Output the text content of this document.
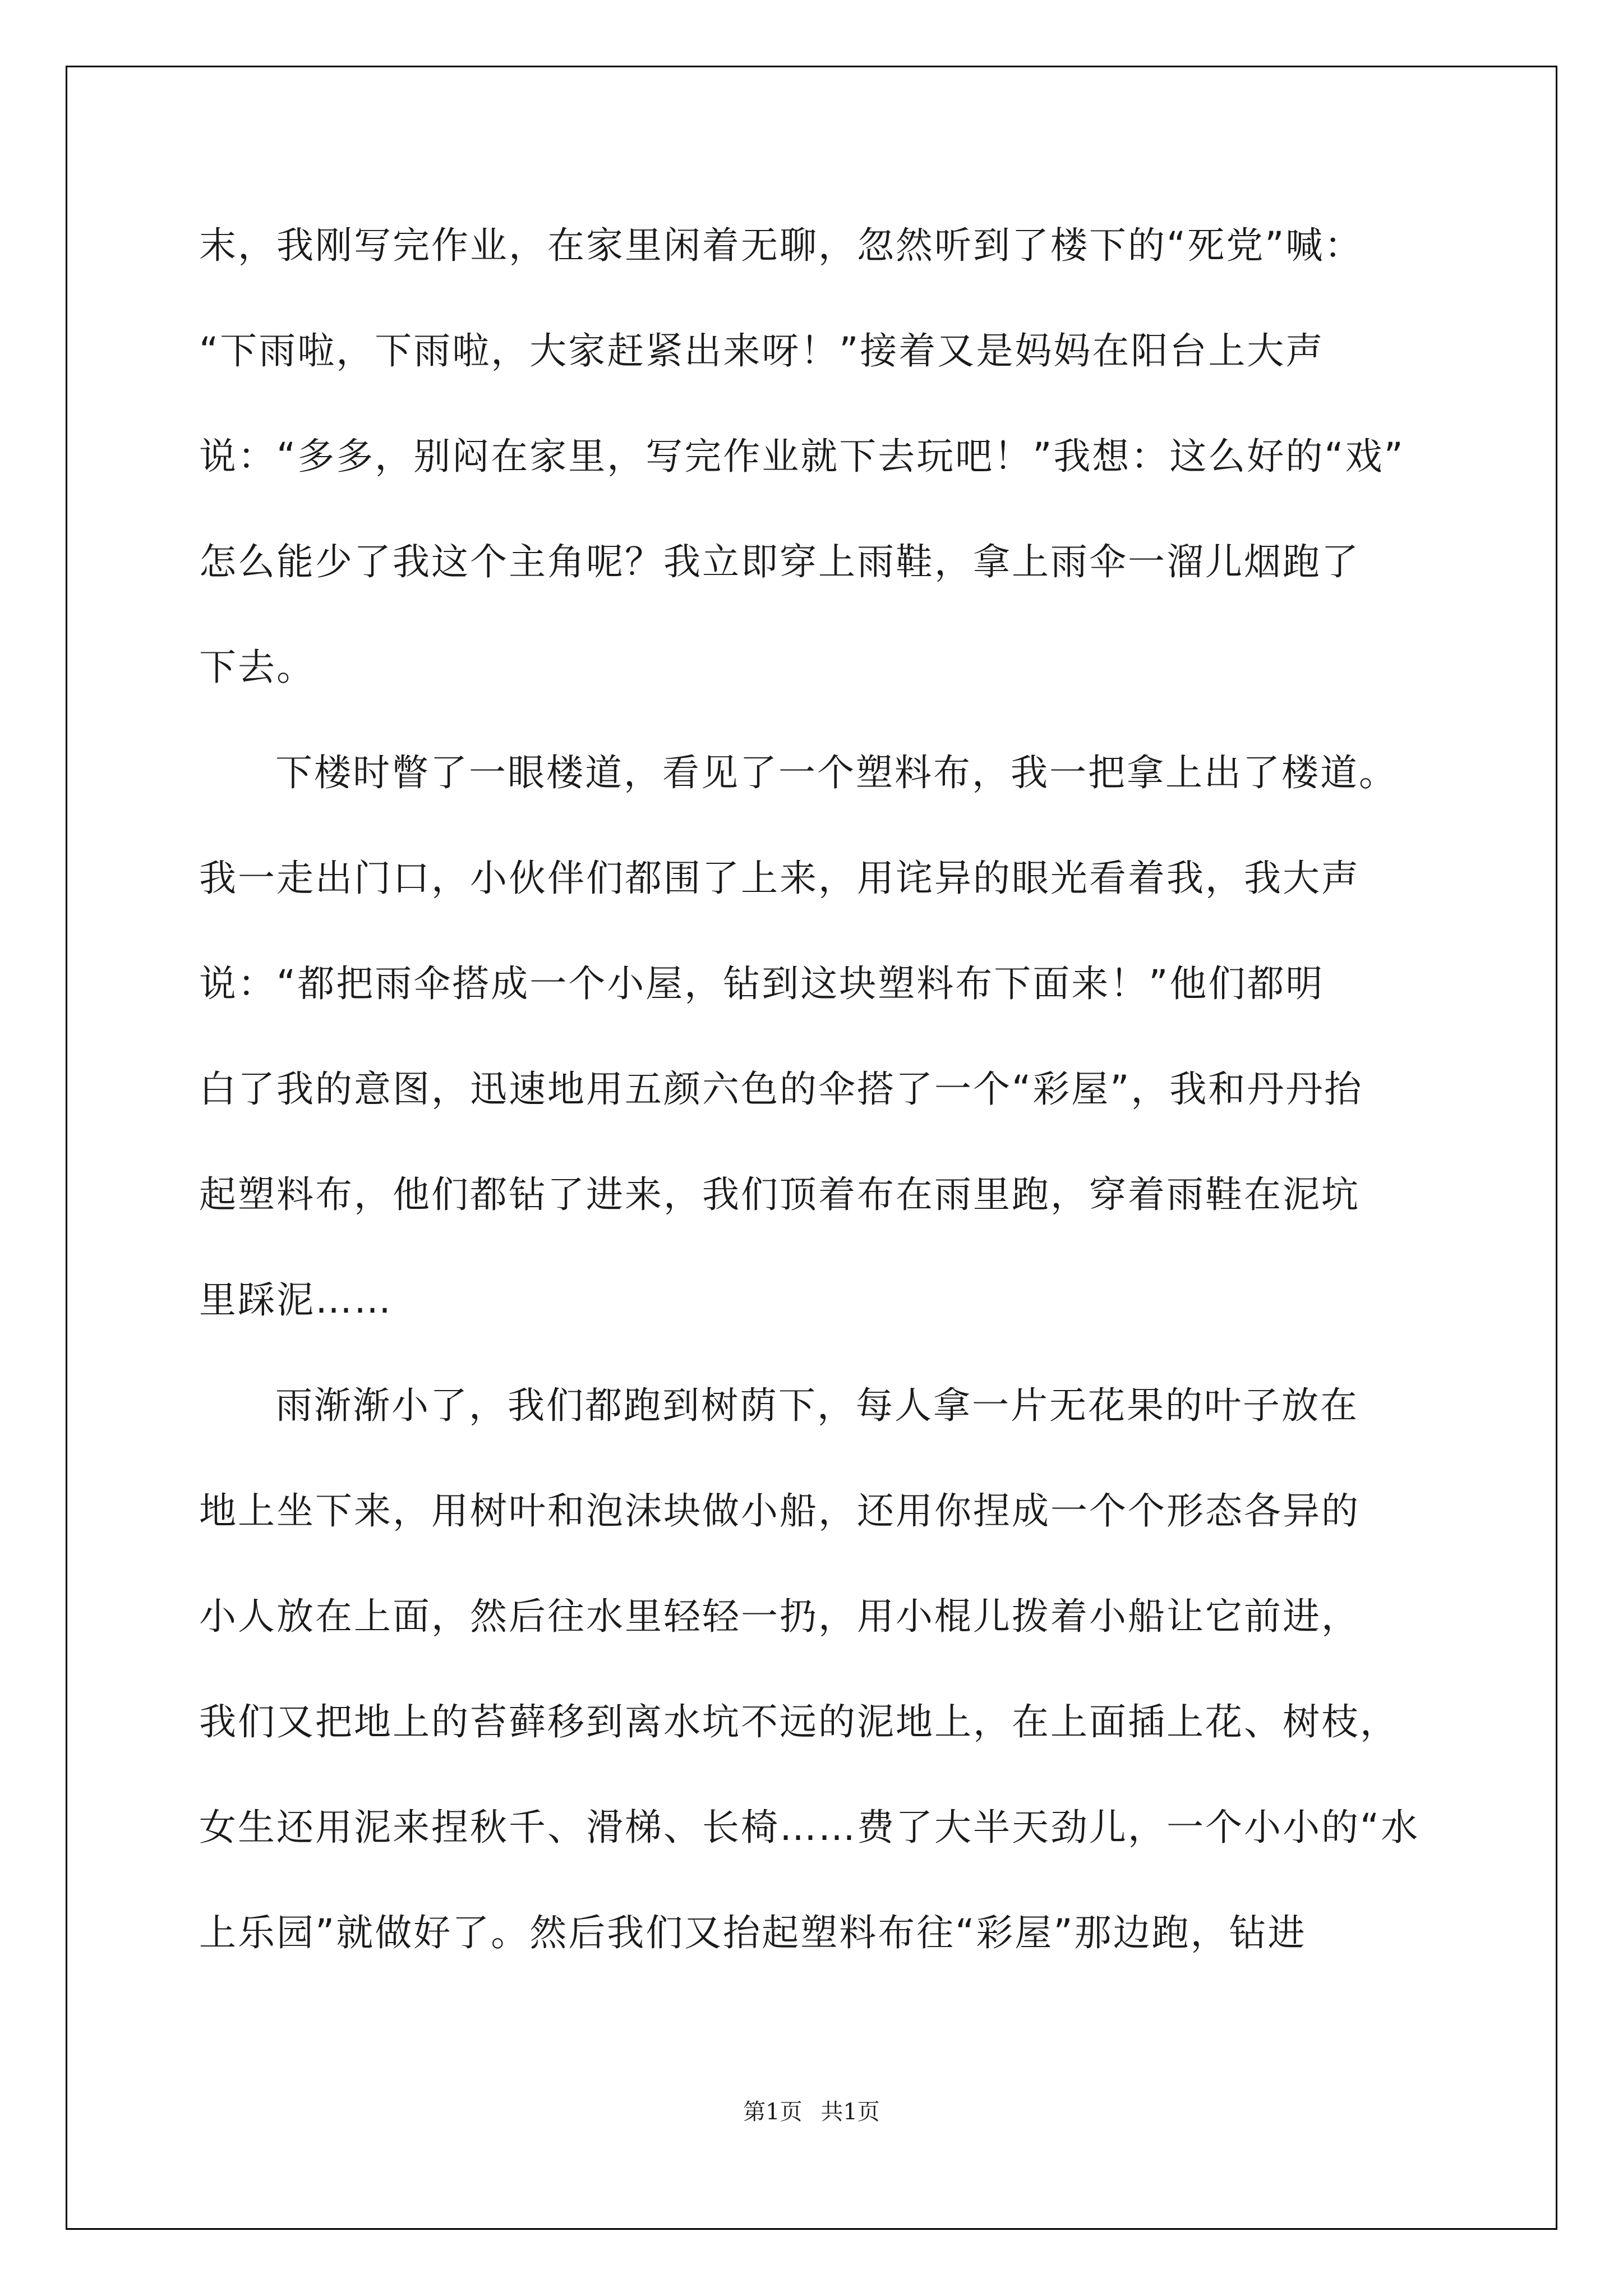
末，我刚写完作业，在家里闲着无聊，忽然听到了楼下的“死党”喊：
“下雨啦，下雨啦，大家赶紧出来呀！”接着又是妈妈在阳台上大声
说：“多多，别闷在家里，写完作业就下去玩吧！”我想：这么好的“戏”
怎么能少了我这个主角呢？我立即穿上雨鞋，拿上雨伞一溜儿烟跑了
下去。
下楼时瞥了一眼楼道，看见了一个塑料布，我一把拿上出了楼道。
我一走出门口，小伙伴们都围了上来，用诧异的眼光看着我，我大声
说：“都把雨伞搭成一个小屋，钻到这块塑料布下面来！”他们都明
白了我的意图，迅速地用五颜六色的伞搭了一个“彩屋”，我和丹丹抬
起塑料布，他们都钻了进来，我们顶着布在雨里跑，穿着雨鞋在泥坑
里踩泥……
雨渐渐小了，我们都跑到树荫下，每人拿一片无花果的叶子放在
地上坐下来，用树叶和泡沫块做小船，还用你捏成一个个形态各异的
小人放在上面，然后往水里轻轻一扔，用小棍儿拨着小船让它前进，
我们又把地上的苔藓移到离水坑不远的泥地上，在上面插上花、树枝，
女生还用泥来捏秋千、滑梯、长椅……费了大半天劲儿，一个小小的“水
上乐园”就做好了。然后我们又抬起塑料布往“彩屋”那边跑，钻进
第1页 共1页
